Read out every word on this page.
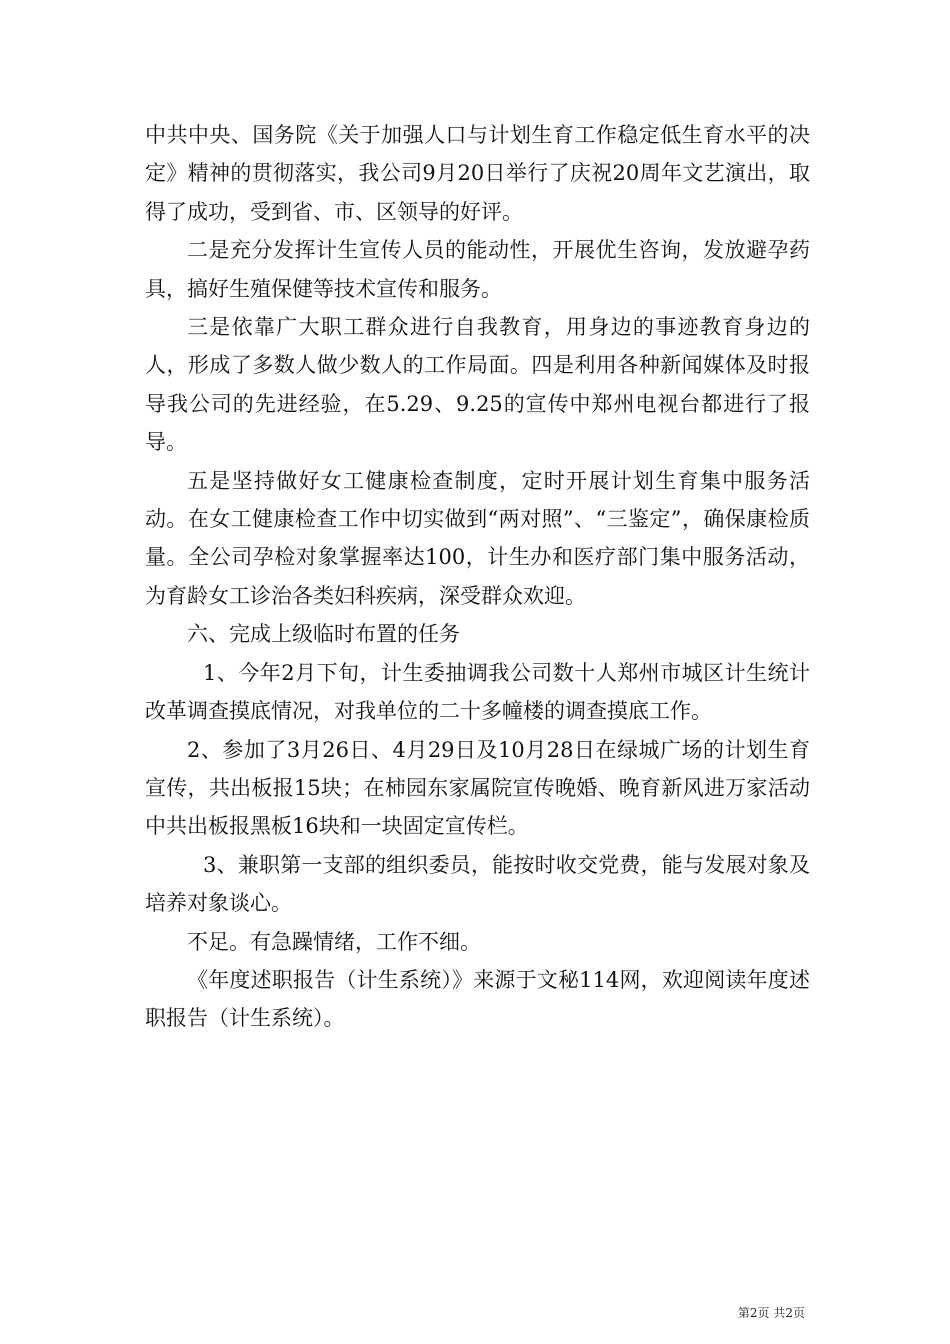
中共中央、国务院《关于加强人口与计划生育工作稳定低生育水平的决定》精神的贯彻落实，我公司9月20日举行了庆祝20周年文艺演出，取得了成功，受到省、市、区领导的好评。

二是充分发挥计生宣传人员的能动性，开展优生咨询，发放避孕药具，搞好生殖保健等技术宣传和服务。

三是依靠广大职工群众进行自我教育，用身边的事迹教育身边的人，形成了多数人做少数人的工作局面。四是利用各种新闻媒体及时报导我公司的先进经验，在5.29、9.25的宣传中郑州电视台都进行了报导。

五是坚持做好女工健康检查制度，定时开展计划生育集中服务活动。在女工健康检查工作中切实做到“两对照”、“三鉴定”，确保康检质量。全公司孕检对象掌握率达100，计生办和医疗部门集中服务活动，为育龄女工诊治各类妇科疾病，深受群众欢迎。

六、完成上级临时布置的任务

1、今年2月下旬，计生委抽调我公司数十人郑州市城区计生统计改革调查摸底情况，对我单位的二十多幢楼的调查摸底工作。

2、参加了3月26日、4月29日及10月28日在绿城广场的计划生育宣传，共出板报15块；在柿园东家属院宣传晚婚、晚育新风进万家活动中共出板报黑板16块和一块固定宣传栏。

3、兼职第一支部的组织委员，能按时收交党费，能与发展对象及培养对象谈心。

不足。有急躁情绪，工作不细。

《年度述职报告（计生系统）》来源于文秘114网，欢迎阅读年度述职报告（计生系统）。

第2页 共2页
